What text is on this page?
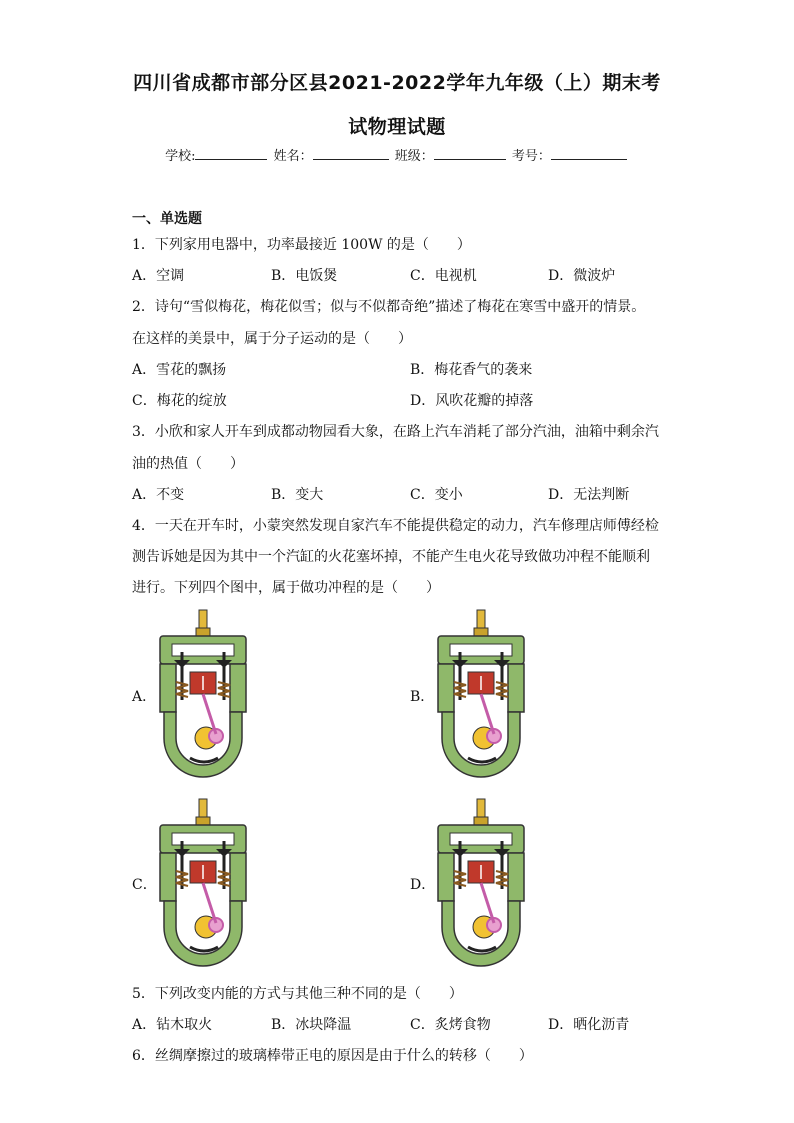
四川省成都市部分区县2021-2022学年九年级（上）期末考
试物理试题
学校:	姓名：	班级：	考号：
一、单选题
1．下列家用电器中，功率最接近 100W 的是（　　）
A．空调	B．电饭煲	C．电视机	D．微波炉
2．诗句“雪似梅花，梅花似雪；似与不似都奇绝”描述了梅花在寒雪中盛开的情景。
在这样的美景中，属于分子运动的是（　　）
A．雪花的飘扬	B．梅花香气的袭来
C．梅花的绽放	D．风吹花瓣的掉落
3．小欣和家人开车到成都动物园看大象，在路上汽车消耗了部分汽油，油箱中剩余汽
油的热值（　　）
A．不变	B．变大	C．变小	D．无法判断
4．一天在开车时，小蒙突然发现自家汽车不能提供稳定的动力，汽车修理店师傅经检
测告诉她是因为其中一个汽缸的火花塞坏掉，不能产生电火花导致做功冲程不能顺利
进行。下列四个图中，属于做功冲程的是（　　）
A．	B．
C．	D．
5．下列改变内能的方式与其他三种不同的是（　　）
A．钻木取火	B．冰块降温	C．炙烤食物	D．晒化沥青
6．丝绸摩擦过的玻璃棒带正电的原因是由于什么的转移（　　）
